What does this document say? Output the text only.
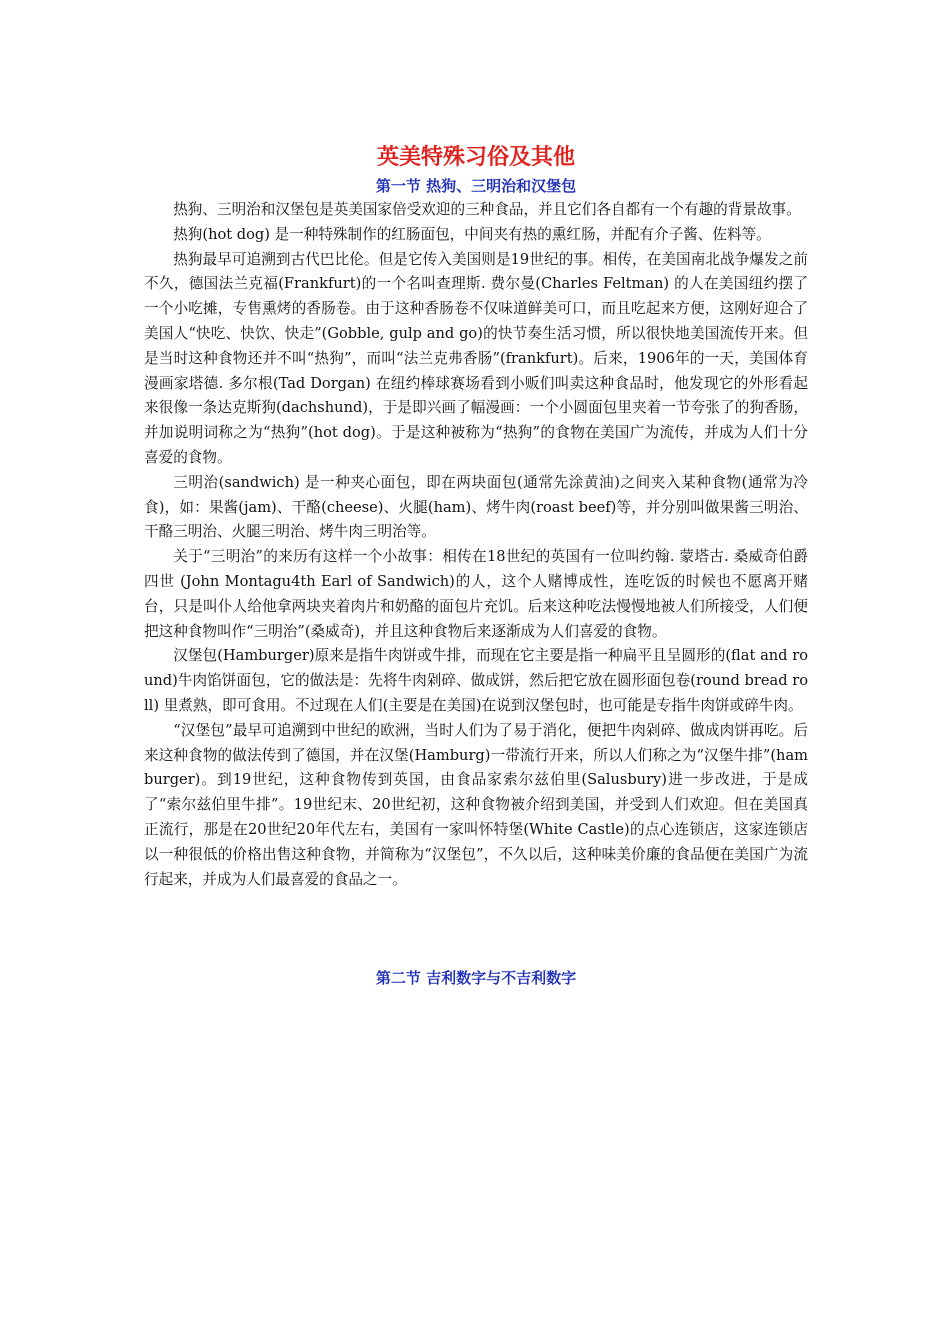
英美特殊习俗及其他
第一节 热狗、三明治和汉堡包

热狗、三明治和汉堡包是英美国家倍受欢迎的三种食品，并且它们各自都有一个有趣的背景故事。

热狗(hot dog) 是一种特殊制作的红肠面包，中间夹有热的熏红肠，并配有介子酱、佐料等。

热狗最早可追溯到古代巴比伦。但是它传入美国则是19世纪的事。相传，在美国南北战争爆发之前不久，德国法兰克福(Frankfurt)的一个名叫查理斯. 费尔曼(Charles Feltman) 的人在美国纽约摆了一个小吃摊，专售熏烤的香肠卷。由于这种香肠卷不仅味道鲜美可口，而且吃起来方便，这刚好迎合了美国人“快吃、快饮、快走”(Gobble, gulp and go)的快节奏生活习惯，所以很快地美国流传开来。但是当时这种食物还并不叫“热狗”，而叫“法兰克弗香肠”(frankfurt)。后来，1906年的一天，美国体育漫画家塔德. 多尔根(Tad Dorgan) 在纽约棒球赛场看到小贩们叫卖这种食品时，他发现它的外形看起来很像一条达克斯狗(dachshund)，于是即兴画了幅漫画：一个小圆面包里夹着一节夸张了的狗香肠，并加说明词称之为“热狗”(hot dog)。于是这种被称为“热狗”的食物在美国广为流传，并成为人们十分喜爱的食物。

三明治(sandwich) 是一种夹心面包，即在两块面包(通常先涂黄油)之间夹入某种食物(通常为冷食)，如：果酱(jam)、干酪(cheese)、火腿(ham)、烤牛肉(roast beef)等，并分别叫做果酱三明治、干酪三明治、火腿三明治、烤牛肉三明治等。

关于“三明治”的来历有这样一个小故事：相传在18世纪的英国有一位叫约翰. 蒙塔古. 桑威奇伯爵四世 (John Montagu4th Earl of Sandwich)的人，这个人赌博成性，连吃饭的时候也不愿离开赌台，只是叫仆人给他拿两块夹着肉片和奶酪的面包片充饥。后来这种吃法慢慢地被人们所接受，人们便把这种食物叫作“三明治”(桑威奇)，并且这种食物后来逐渐成为人们喜爱的食物。

汉堡包(Hamburger)原来是指牛肉饼或牛排，而现在它主要是指一种扁平且呈圆形的(flat and round)牛肉馅饼面包，它的做法是：先将牛肉剁碎、做成饼，然后把它放在圆形面包卷(round bread roll) 里煮熟，即可食用。不过现在人们(主要是在美国)在说到汉堡包时，也可能是专指牛肉饼或碎牛肉。

“汉堡包”最早可追溯到中世纪的欧洲，当时人们为了易于消化，便把牛肉剁碎、做成肉饼再吃。后来这种食物的做法传到了德国，并在汉堡(Hamburg)一带流行开来，所以人们称之为“汉堡牛排”(hamburger)。到19世纪，这种食物传到英国，由食品家索尔兹伯里(Salusbury)进一步改进，于是成了“索尔兹伯里牛排”。19世纪末、20世纪初，这种食物被介绍到美国，并受到人们欢迎。但在美国真正流行，那是在20世纪20年代左右，美国有一家叫怀特堡(White Castle)的点心连锁店，这家连锁店以一种很低的价格出售这种食物，并简称为“汉堡包”，不久以后，这种味美价廉的食品便在美国广为流行起来，并成为人们最喜爱的食品之一。

第二节 吉利数字与不吉利数字
